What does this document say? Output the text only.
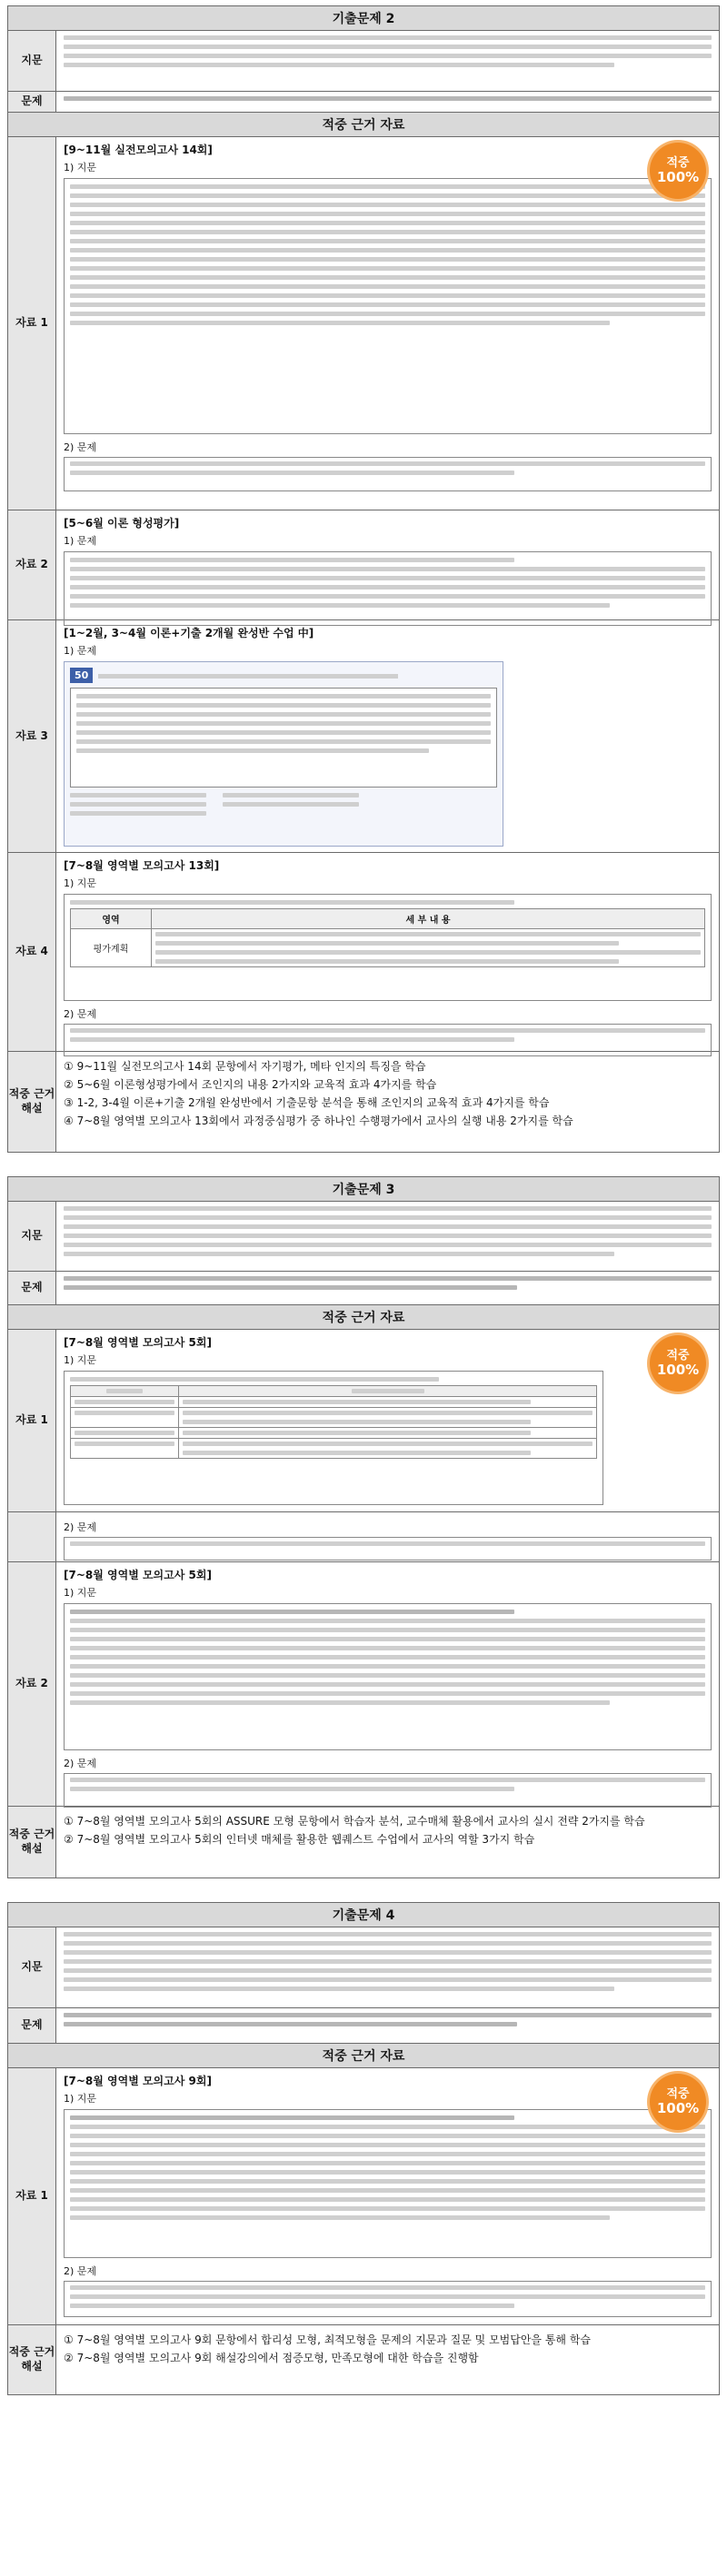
기출문제 2
지문
문제
적중 근거 자료
자료 1
적중
100%
[9~11월 실전모의고사 14회]
1) 지문
2) 문제
자료 2
[5~6월 이론 형성평가]
1) 문제
자료 3
[1~2월, 3~4월 이론+기출 2개월 완성반 수업 中]
1) 문제
50
자료 4
[7~8월 영역별 모의고사 13회]
1) 지문
영역	세 부 내 용
평가계획	
2) 문제
적중 근거 해설
① 9~11월 실전모의고사 14회 문항에서 자기평가, 메타 인지의 특징을 학습
② 5~6월 이론형성평가에서 조인지의 내용 2가지와 교육적 효과 4가지를 학습
③ 1-2, 3-4월 이론+기출 2개월 완성반에서 기출문항 분석을 통해 조인지의 교육적 효과 4가지를 학습
④ 7~8월 영역별 모의고사 13회에서 과정중심평가 중 하나인 수행평가에서 교사의 실행 내용 2가지를 학습
기출문제 3
지문
문제
적중 근거 자료
자료 1
적중
100%
[7~8월 영역별 모의고사 5회]
1) 지문

2) 문제
자료 2
[7~8월 영역별 모의고사 5회]
1) 지문
2) 문제
적중 근거 해설
① 7~8월 영역별 모의고사 5회의 ASSURE 모형 문항에서 학습자 분석, 교수매체 활용에서 교사의 실시 전략 2가지를 학습
② 7~8월 영역별 모의고사 5회의 인터넷 매체를 활용한 웹퀘스트 수업에서 교사의 역할 3가지 학습
기출문제 4
지문
문제
적중 근거 자료
자료 1
적중
100%
[7~8월 영역별 모의고사 9회]
1) 지문
2) 문제
적중 근거 해설
① 7~8월 영역별 모의고사 9회 문항에서 합리성 모형, 최적모형을 문제의 지문과 질문 및 모범답안을 통해 학습
② 7~8월 영역별 모의고사 9회 해설강의에서 점증모형, 만족모형에 대한 학습을 진행함
